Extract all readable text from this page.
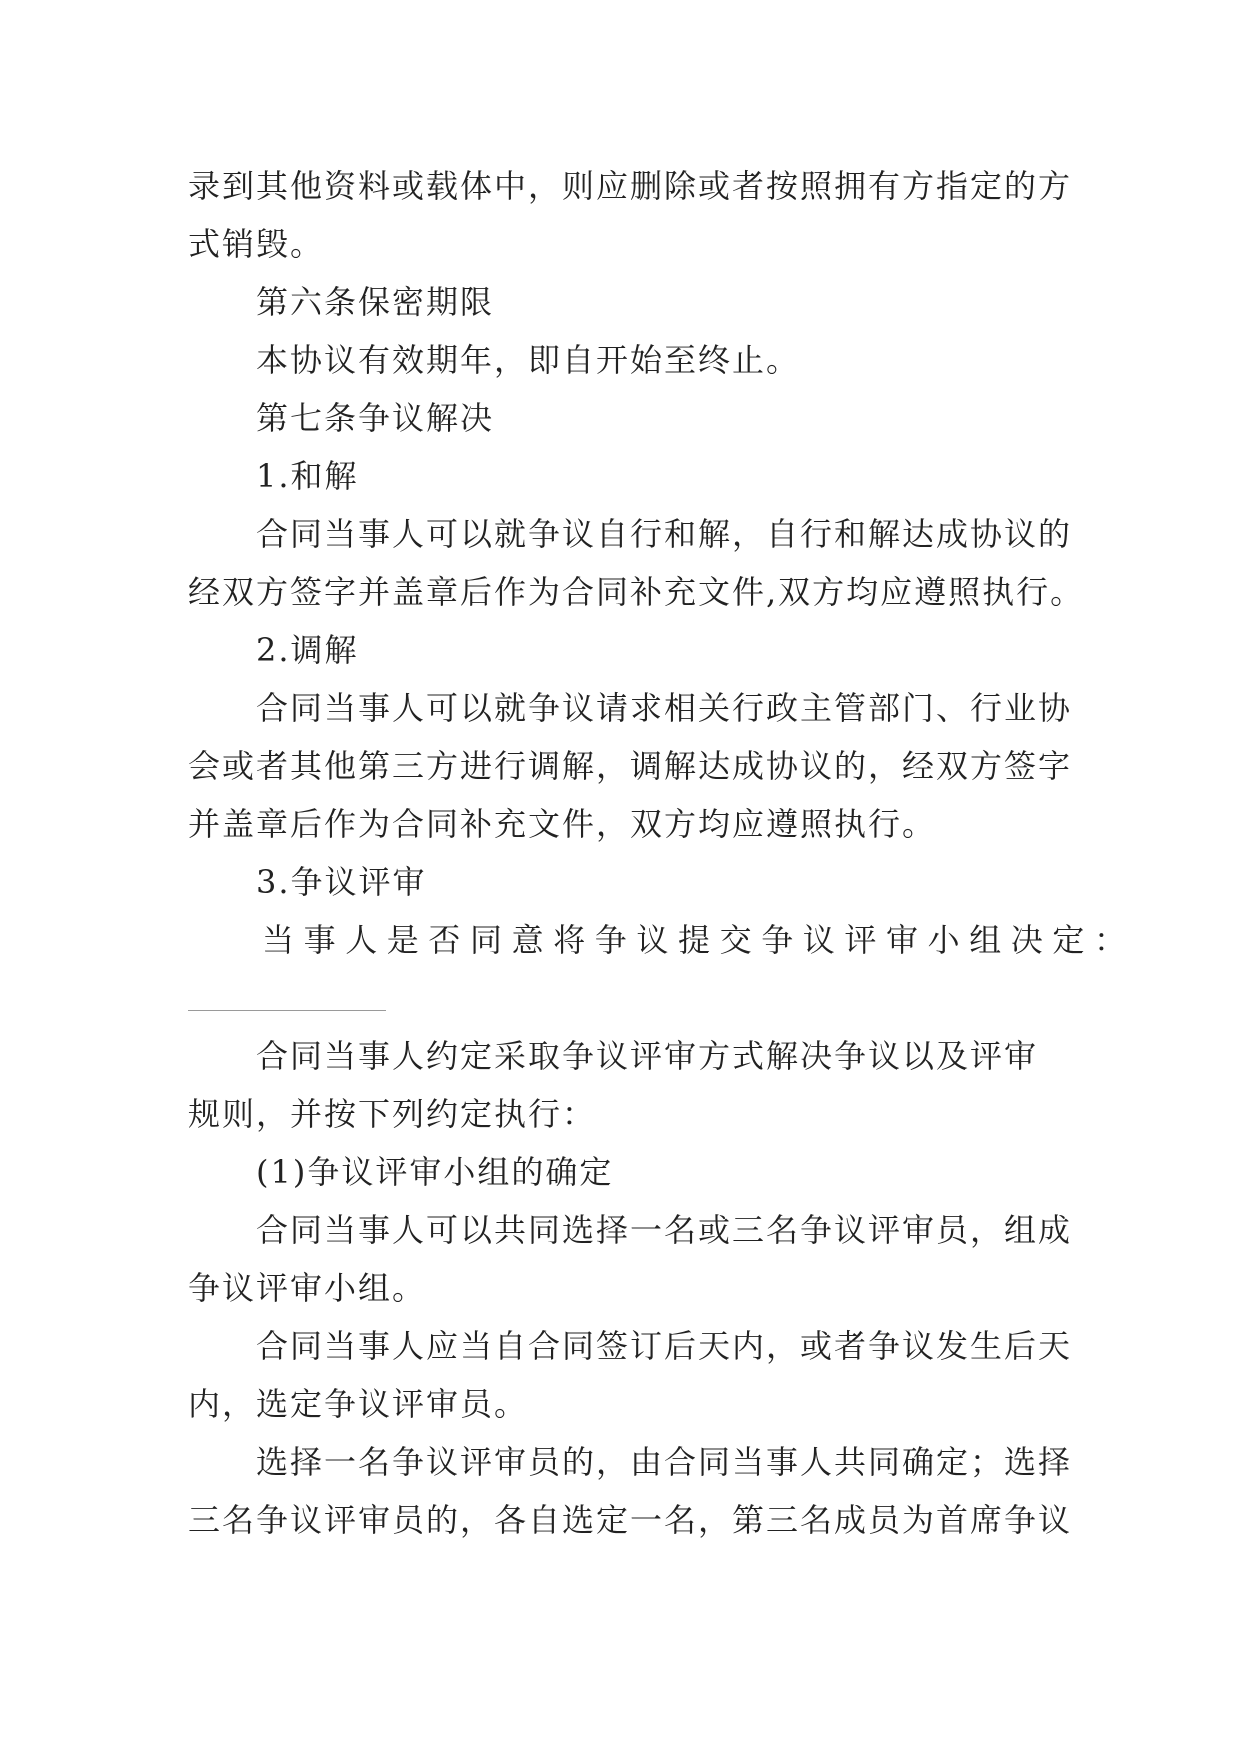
录到其他资料或载体中，则应删除或者按照拥有方指定的方
式销毁。
第六条保密期限
本协议有效期年，即自开始至终止。
第七条争议解决
1.和解
合同当事人可以就争议自行和解，自行和解达成协议的
经双方签字并盖章后作为合同补充文件,双方均应遵照执行。
2.调解
合同当事人可以就争议请求相关行政主管部门、行业协
会或者其他第三方进行调解，调解达成协议的，经双方签字
并盖章后作为合同补充文件，双方均应遵照执行。
3.争议评审
当事人是否同意将争议提交争议评审小组决定：
合同当事人约定采取争议评审方式解决争议以及评审
规则，并按下列约定执行：
(1)争议评审小组的确定
合同当事人可以共同选择一名或三名争议评审员，组成
争议评审小组。
合同当事人应当自合同签订后天内，或者争议发生后天
内，选定争议评审员。
选择一名争议评审员的，由合同当事人共同确定；选择
三名争议评审员的，各自选定一名，第三名成员为首席争议
